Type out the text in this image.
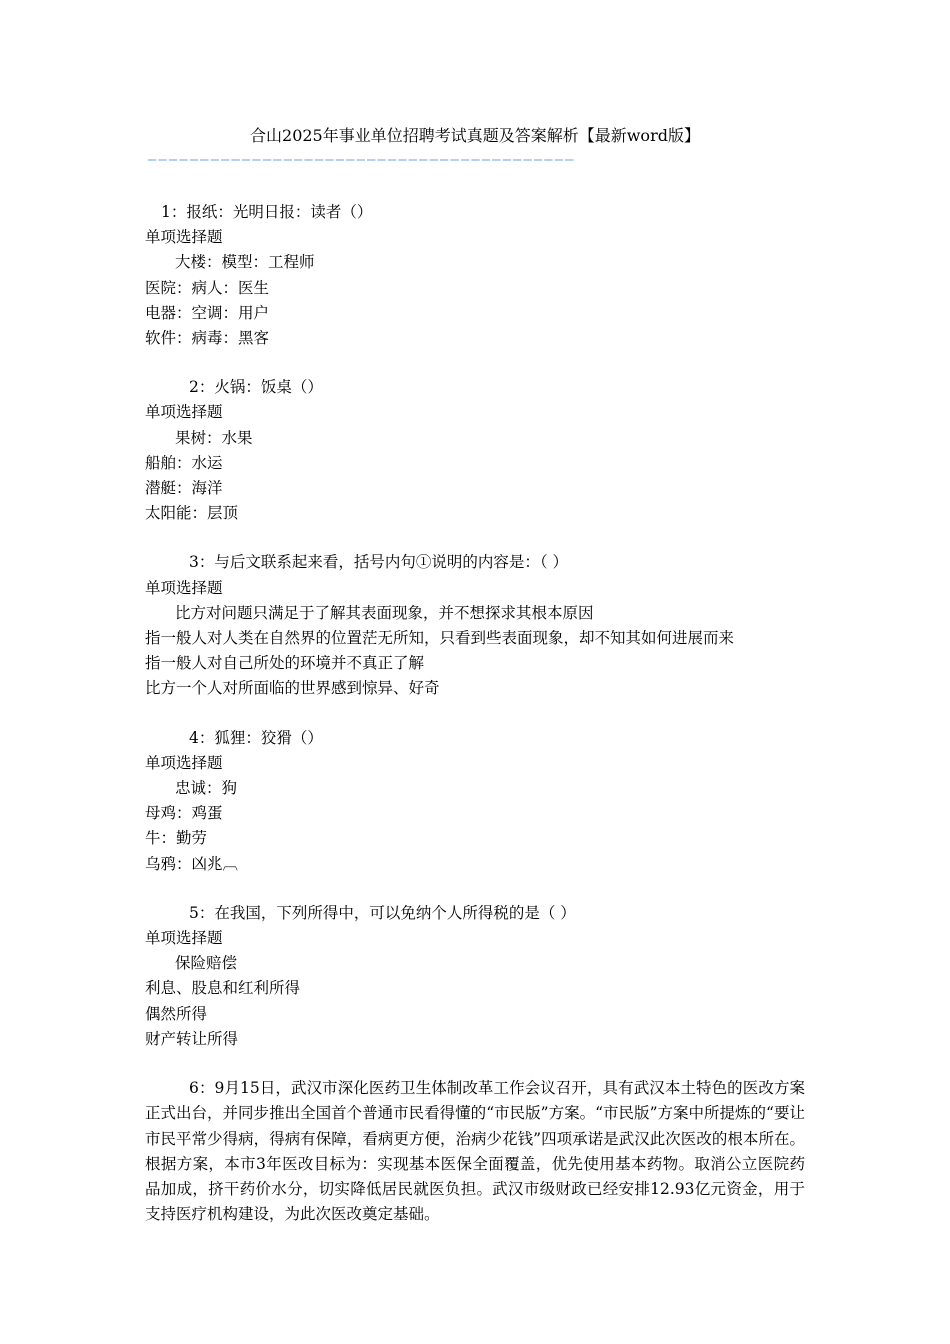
合山2025年事业单位招聘考试真题及答案解析【最新word版】
—————————————————————————————————————————
1：报纸：光明日报：读者（）
单项选择题
大楼：模型：工程师
医院：病人：医生
电器：空调：用户
软件：病毒：黑客
2：火锅：饭桌（）
单项选择题
果树：水果
船舶：水运
潜艇：海洋
太阳能：层顶
3：与后文联系起来看，括号内句①说明的内容是：（ ）
单项选择题
比方对问题只满足于了解其表面现象，并不想探求其根本原因
指一般人对人类在自然界的位置茫无所知，只看到些表面现象，却不知其如何进展而来
指一般人对自己所处的环境并不真正了解
比方一个人对所面临的世界感到惊异、好奇
4：狐狸：狡猾（）
单项选择题
忠诚：狗
母鸡：鸡蛋
牛：勤劳
乌鸦：凶兆︹
5：在我国，下列所得中，可以免纳个人所得税的是（ ）
单项选择题
保险赔偿
利息、股息和红利所得
偶然所得
财产转让所得
6：9月15日，武汉市深化医药卫生体制改革工作会议召开，具有武汉本土特色的医改方案正式出台，并同步推出全国首个普通市民看得懂的“市民版”方案。“市民版”方案中所提炼的“要让市民平常少得病，得病有保障，看病更方便，治病少花钱”四项承诺是武汉此次医改的根本所在。根据方案，本市3年医改目标为：实现基本医保全面覆盖，优先使用基本药物。取消公立医院药品加成，挤干药价水分，切实降低居民就医负担。武汉市级财政已经安排12.93亿元资金，用于支持医疗机构建设，为此次医改奠定基础。
